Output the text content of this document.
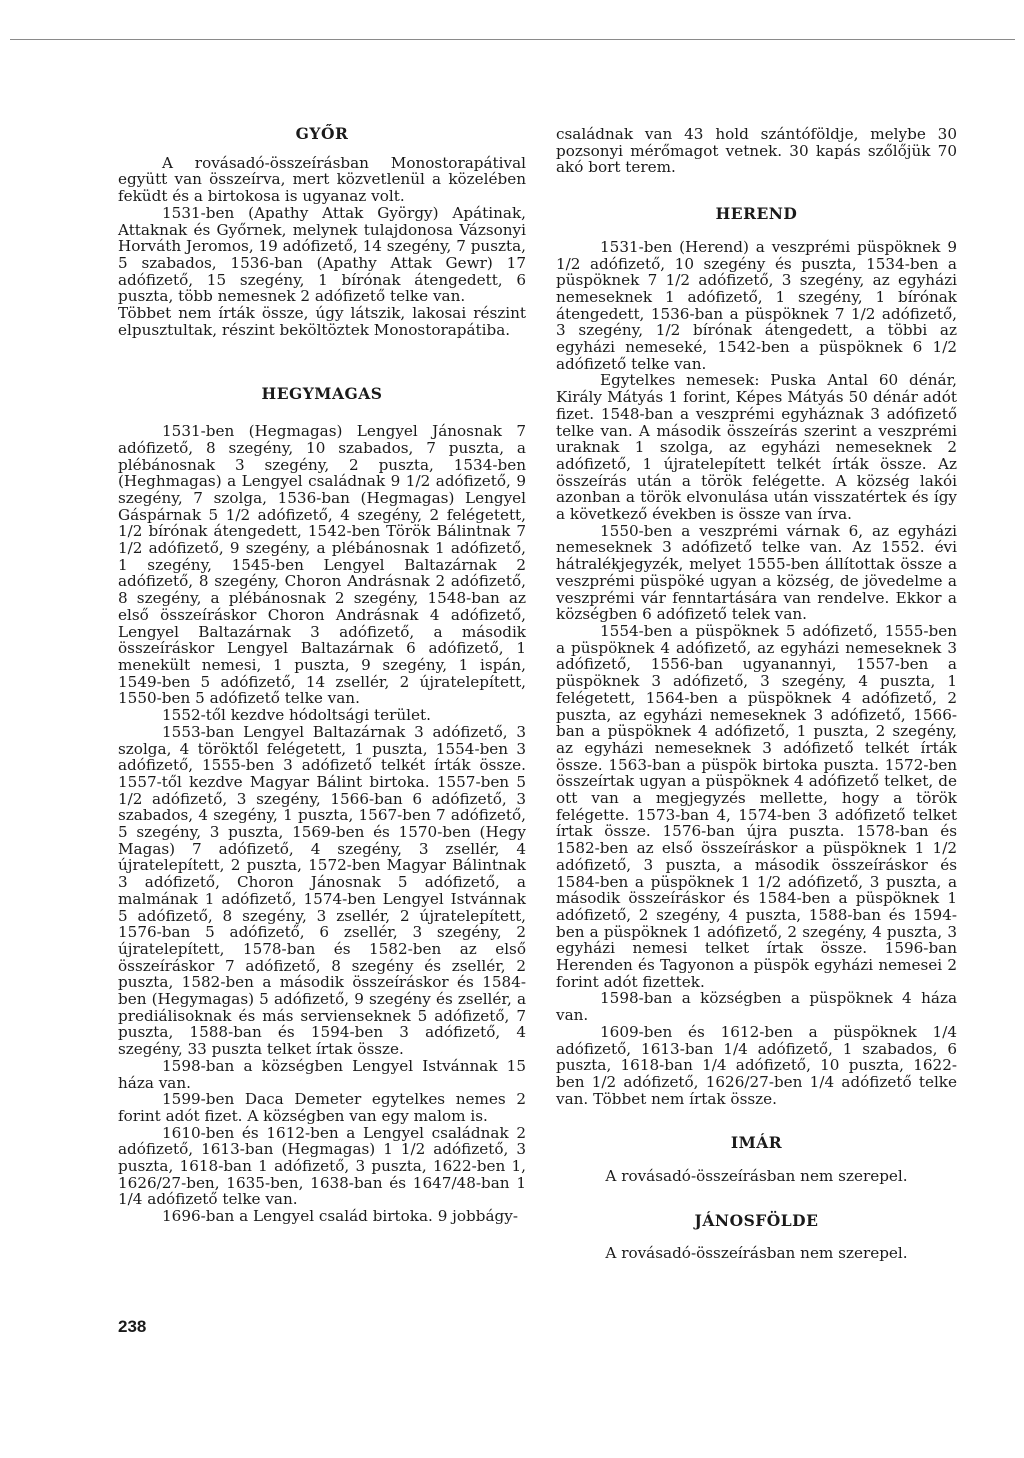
GYŐR

A rovásadó-összeírásban Monostorapátival együtt van összeírva, mert közvetlenül a közelében feküdt és a birtokosa is ugyanaz volt.

1531-ben (Apathy Attak György) Apátinak, Attaknak és Győrnek, melynek tulajdonosa Vázsonyi Horváth Jeromos, 19 adófizető, 14 szegény, 7 puszta, 5 szabados, 1536-ban (Apathy Attak Gewr) 17 adófizető, 15 szegény, 1 bírónak átengedett, 6 puszta, több nemesnek 2 adófizető telke van.

Többet nem írták össze, úgy látszik, lakosai részint elpusztultak, részint beköltöztek Monostorapátiba.

HEGYMAGAS

1531-ben (Hegmagas) Lengyel Jánosnak 7 adófizető, 8 szegény, 10 szabados, 7 puszta, a plébánosnak 3 szegény, 2 puszta, 1534-ben (Heghmagas) a Lengyel családnak 9 1/2 adófizető, 9 szegény, 7 szolga, 1536-ban (Hegmagas) Lengyel Gáspárnak 5 1/2 adófizető, 4 szegény, 2 felégetett, 1/2 bírónak átengedett, 1542-ben Török Bálintnak 7 1/2 adófizető, 9 szegény, a plébánosnak 1 adófizető, 1 szegény, 1545-ben Lengyel Baltazárnak 2 adófizető, 8 szegény, Choron Andrásnak 2 adófizető, 8 szegény, a plébánosnak 2 szegény, 1548-ban az első összeíráskor Choron Andrásnak 4 adófizető, Lengyel Baltazárnak 3 adófizető, a második összeíráskor Lengyel Baltazárnak 6 adófizető, 1 menekült nemesi, 1 puszta, 9 szegény, 1 ispán, 1549-ben 5 adófizető, 14 zsellér, 2 újratelepített, 1550-ben 5 adófizető telke van.

1552-től kezdve hódoltsági terület.

1553-ban Lengyel Baltazárnak 3 adófizető, 3 szolga, 4 töröktől felégetett, 1 puszta, 1554-ben 3 adófizető, 1555-ben 3 adófizető telkét írták össze. 1557-től kezdve Magyar Bálint birtoka. 1557-ben 5 1/2 adófizető, 3 szegény, 1566-ban 6 adófizető, 3 szabados, 4 szegény, 1 puszta, 1567-ben 7 adófizető, 5 szegény, 3 puszta, 1569-ben és 1570-ben (Hegy Magas) 7 adófizető, 4 szegény, 3 zsellér, 4 újratelepített, 2 puszta, 1572-ben Magyar Bálintnak 3 adófizető, Choron Jánosnak 5 adófizető, a malmának 1 adófizető, 1574-ben Lengyel Istvánnak 5 adófizető, 8 szegény, 3 zsellér, 2 újratelepített, 1576-ban 5 adófizető, 6 zsellér, 3 szegény, 2 újratelepített, 1578-ban és 1582-ben az első összeíráskor 7 adófizető, 8 szegény és zsellér, 2 puszta, 1582-ben a második összeíráskor és 1584-ben (Hegymagas) 5 adófizető, 9 szegény és zsellér, a prediálisoknak és más servienseknek 5 adófizető, 7 puszta, 1588-ban és 1594-ben 3 adófizető, 4 szegény, 33 puszta telket írtak össze.

1598-ban a községben Lengyel Istvánnak 15 háza van.

1599-ben Daca Demeter egytelkes nemes 2 forint adót fizet. A községben van egy malom is.

1610-ben és 1612-ben a Lengyel családnak 2 adófizető, 1613-ban (Hegmagas) 1 1/2 adófizető, 3 puszta, 1618-ban 1 adófizető, 3 puszta, 1622-ben 1, 1626/27-ben, 1635-ben, 1638-ban és 1647/48-ban 1 1/4 adófizető telke van.

1696-ban a Lengyel család birtoka. 9 jobbágy-

családnak van 43 hold szántóföldje, melybe 30 pozsonyi mérőmagot vetnek. 30 kapás szőlőjük 70 akó bort terem.

HEREND

1531-ben (Herend) a veszprémi püspöknek 9 1/2 adófizető, 10 szegény és puszta, 1534-ben a püspöknek 7 1/2 adófizető, 3 szegény, az egyházi nemeseknek 1 adófizető, 1 szegény, 1 bírónak átengedett, 1536-ban a püspöknek 7 1/2 adófizető, 3 szegény, 1/2 bírónak átengedett, a többi az egyházi nemeseké, 1542-ben a püspöknek 6 1/2 adófizető telke van.

Egytelkes nemesek: Puska Antal 60 dénár, Király Mátyás 1 forint, Képes Mátyás 50 dénár adót fizet. 1548-ban a veszprémi egyháznak 3 adófizető telke van. A második összeírás szerint a veszprémi uraknak 1 szolga, az egyházi nemeseknek 2 adófizető, 1 újratelepített telkét írták össze. Az összeírás után a török felégette. A község lakói azonban a török elvonulása után visszatértek és így a következő években is össze van írva.

1550-ben a veszprémi várnak 6, az egyházi nemeseknek 3 adófizető telke van. Az 1552. évi hátralékjegyzék, melyet 1555-ben állítottak össze a veszprémi püspöké ugyan a község, de jövedelme a veszprémi vár fenntartására van rendelve. Ekkor a községben 6 adófizető telek van.

1554-ben a püspöknek 5 adófizető, 1555-ben a püspöknek 4 adófizető, az egyházi nemeseknek 3 adófizető, 1556-ban ugyanannyi, 1557-ben a püspöknek 3 adófizető, 3 szegény, 4 puszta, 1 felégetett, 1564-ben a püspöknek 4 adófizető, 2 puszta, az egyházi nemeseknek 3 adófizető, 1566-ban a püspöknek 4 adófizető, 1 puszta, 2 szegény, az egyházi nemeseknek 3 adófizető telkét írták össze. 1563-ban a püspök birtoka puszta. 1572-ben összeírtak ugyan a püspöknek 4 adófizető telket, de ott van a megjegyzés mellette, hogy a török felégette. 1573-ban 4, 1574-ben 3 adófizető telket írtak össze. 1576-ban újra puszta. 1578-ban és 1582-ben az első összeíráskor a püspöknek 1 1/2 adófizető, 3 puszta, a második összeíráskor és 1584-ben a püspöknek 1 1/2 adófizető, 3 puszta, a második összeíráskor és 1584-ben a püspöknek 1 adófizető, 2 szegény, 4 puszta, 1588-ban és 1594-ben a püspöknek 1 adófizető, 2 szegény, 4 puszta, 3 egyházi nemesi telket írtak össze. 1596-ban Herenden és Tagyonon a püspök egyházi nemesei 2 forint adót fizettek.

1598-ban a községben a püspöknek 4 háza van.

1609-ben és 1612-ben a püspöknek 1/4 adófizető, 1613-ban 1/4 adófizető, 1 szabados, 6 puszta, 1618-ban 1/4 adófizető, 10 puszta, 1622-ben 1/2 adófizető, 1626/27-ben 1/4 adófizető telke van. Többet nem írtak össze.

IMÁR

A rovásadó-összeírásban nem szerepel.

JÁNOSFÖLDE

A rovásadó-összeírásban nem szerepel.

238
